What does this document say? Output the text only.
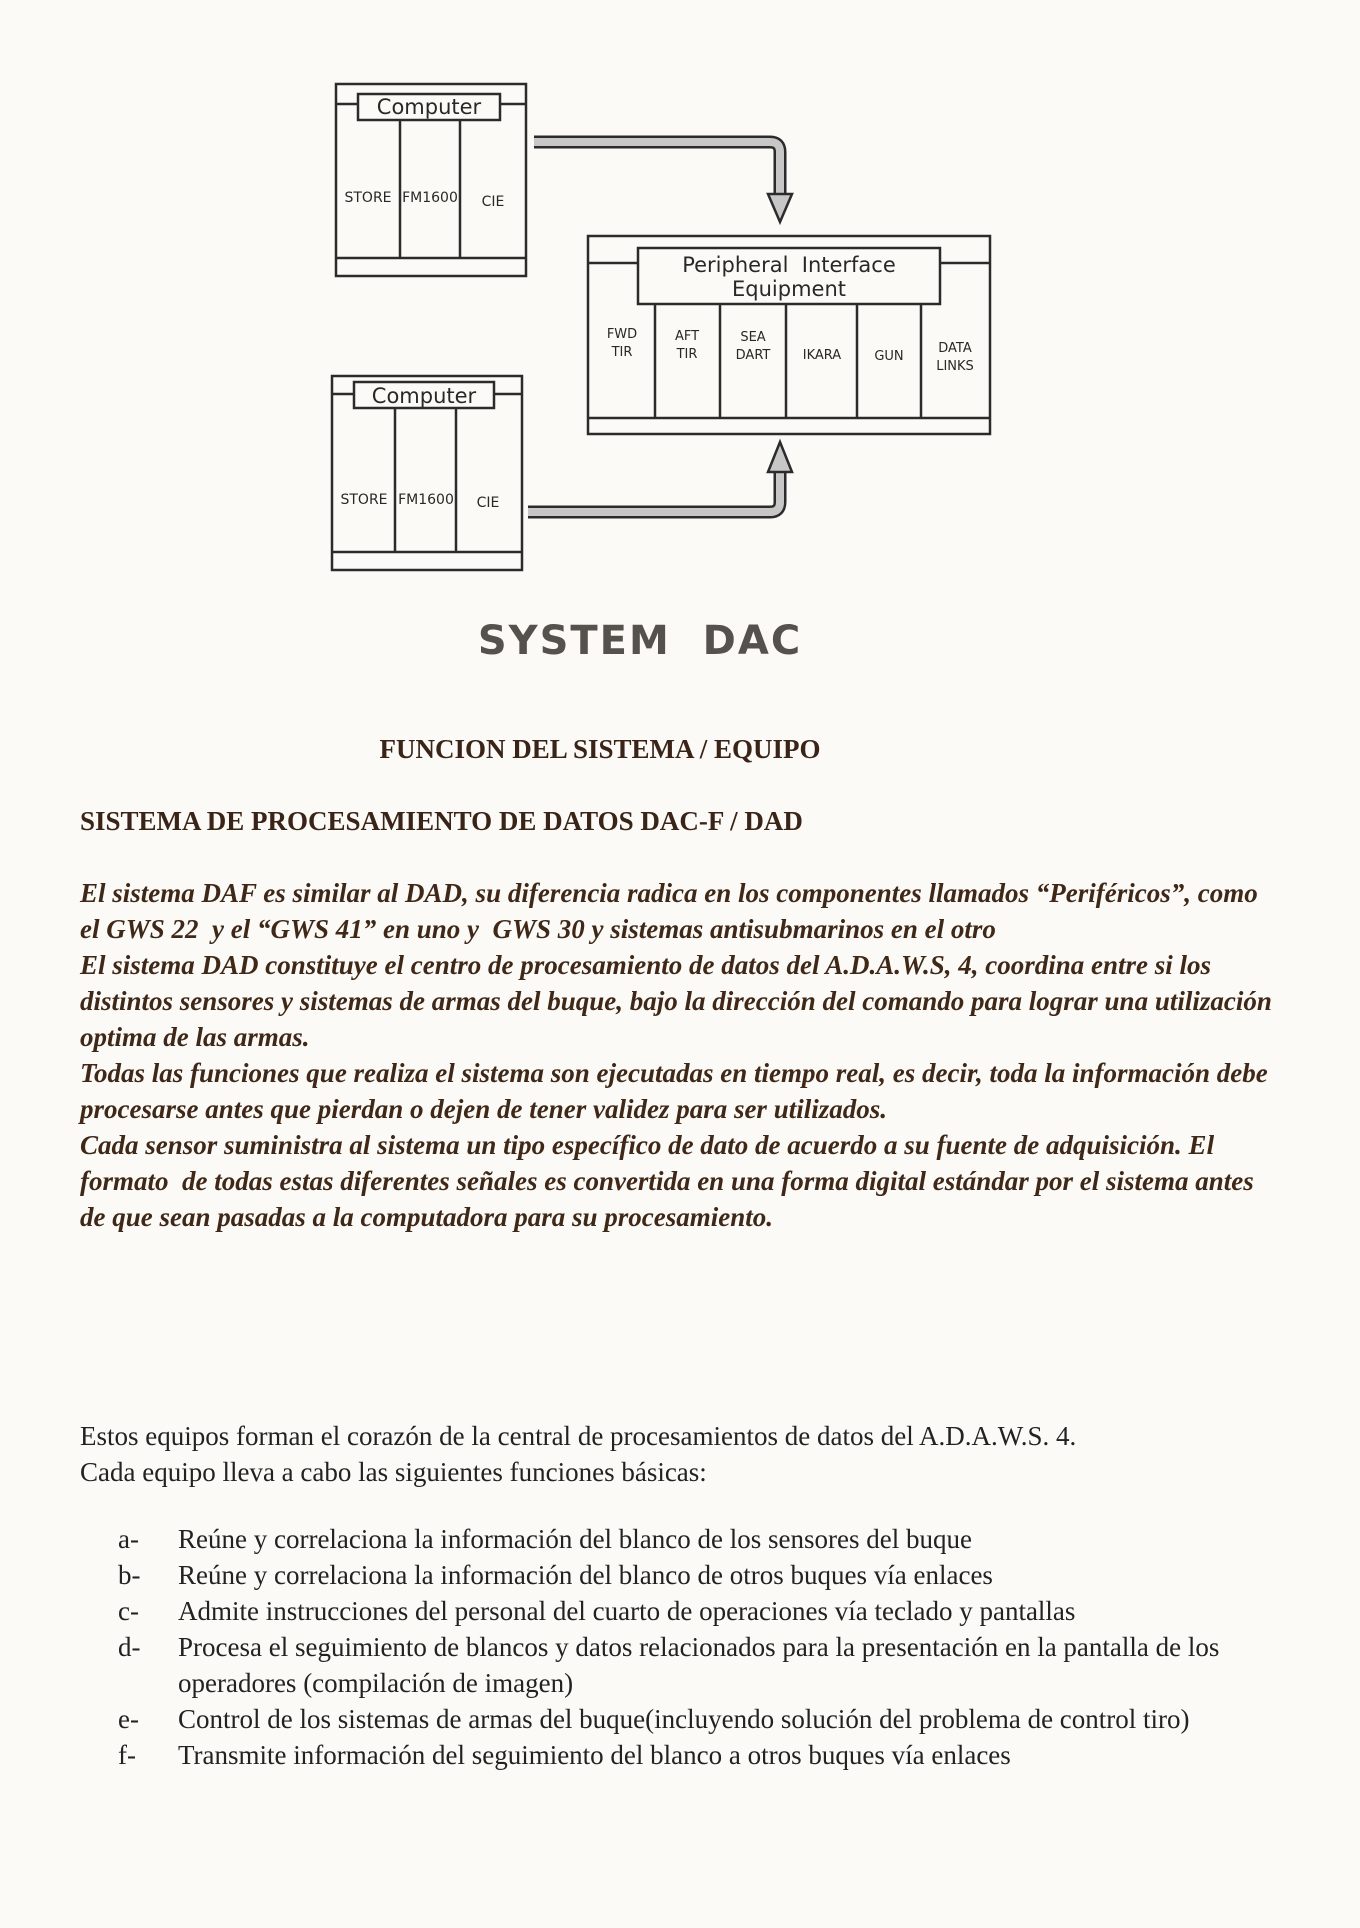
Computer
STORE FM1600 CIE
Computer
STORE FM1600 CIE
Peripheral  Interface
Equipment
FWD
TIR
AFT
TIR
SEA
DART IKARA	GUN
DATA
LINKS
SYSTEM  DAC
FUNCION DEL SISTEMA / EQUIPO
SISTEMA DE PROCESAMIENTO DE DATOS DAC-F / DAD

El sistema DAF es similar al DAD, su diferencia radica en los componentes llamados “Periféricos”, como el GWS 22  y el “GWS 41” en uno y  GWS 30 y sistemas antisubmarinos en el otro

El sistema DAD constituye el centro de procesamiento de datos del A.D.A.W.S, 4, coordina entre si los distintos sensores y sistemas de armas del buque, bajo la dirección del comando para lograr una utilización optima de las armas.

Todas las funciones que realiza el sistema son ejecutadas en tiempo real, es decir, toda la información debe procesarse antes que pierdan o dejen de tener validez para ser utilizados.

Cada sensor suministra al sistema un tipo específico de dato de acuerdo a su fuente de adquisición. El formato  de todas estas diferentes señales es convertida en una forma digital estándar por el sistema antes de que sean pasadas a la computadora para su procesamiento.

Estos equipos forman el corazón de la central de procesamientos de datos del A.D.A.W.S. 4.

Cada equipo lleva a cabo las siguientes funciones básicas:

a-	Reúne y correlaciona la información del blanco de los sensores del buque
b-	Reúne y correlaciona la información del blanco de otros buques vía enlaces
c-	Admite instrucciones del personal del cuarto de operaciones vía teclado y pantallas
d-	Procesa el seguimiento de blancos y datos relacionados para la presentación en la pantalla de los operadores (compilación de imagen)
e-	Control de los sistemas de armas del buque(incluyendo solución del problema de control tiro)
f-	Transmite información del seguimiento del blanco a otros buques vía enlaces
